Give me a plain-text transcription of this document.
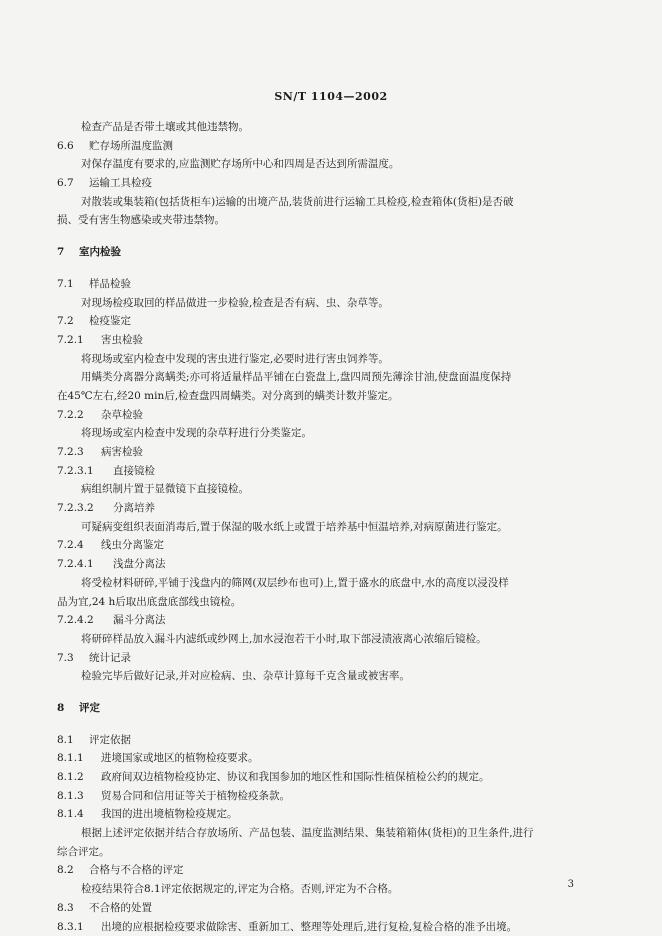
SN/T 1104—2002
检查产品是否带土壤或其他违禁物。
6.6 贮存场所温度监测
对保存温度有要求的,应监测贮存场所中心和四周是否达到所需温度。
6.7 运输工具检疫
对散装或集装箱(包括货柜车)运输的出境产品,装货前进行运输工具检疫,检查箱体(货柜)是否破
损、受有害生物感染或夹带违禁物。
7 室内检验
7.1 样品检验
对现场检疫取回的样品做进一步检验,检查是否有病、虫、杂草等。
7.2 检疫鉴定
7.2.1 害虫检验
将现场或室内检查中发现的害虫进行鉴定,必要时进行害虫饲养等。
用螨类分离器分离螨类;亦可将适量样品平铺在白瓷盘上,盘四周预先薄涂甘油,使盘面温度保持
在45℃左右,经20 min后,检查盘四周螨类。对分离到的螨类计数并鉴定。
7.2.2 杂草检验
将现场或室内检查中发现的杂草籽进行分类鉴定。
7.2.3 病害检验
7.2.3.1 直接镜检
病组织制片置于显微镜下直接镜检。
7.2.3.2 分离培养
可疑病变组织表面消毒后,置于保湿的吸水纸上或置于培养基中恒温培养,对病原菌进行鉴定。
7.2.4 线虫分离鉴定
7.2.4.1 浅盘分离法
将受检材料研碎,平铺于浅盘内的筛网(双层纱布也可)上,置于盛水的底盘中,水的高度以浸没样
品为宜,24 h后取出底盘底部线虫镜检。
7.2.4.2 漏斗分离法
将研碎样品放入漏斗内滤纸或纱网上,加水浸泡若干小时,取下部浸渍液离心浓缩后镜检。
7.3 统计记录
检验完毕后做好记录,并对应检病、虫、杂草计算每千克含量或被害率。
8 评定
8.1 评定依据
8.1.1 进境国家或地区的植物检疫要求。
8.1.2 政府间双边植物检疫协定、协议和我国参加的地区性和国际性植保植检公约的规定。
8.1.3 贸易合同和信用证等关于植物检疫条款。
8.1.4 我国的进出境植物检疫规定。
根据上述评定依据并结合存放场所、产品包装、温度监测结果、集装箱箱体(货柜)的卫生条件,进行
综合评定。
8.2 合格与不合格的评定
检疫结果符合8.1评定依据规定的,评定为合格。否则,评定为不合格。
8.3 不合格的处置
8.3.1 出境的应根据检疫要求做除害、重新加工、整理等处理后,进行复检,复检合格的准予出境。
3
